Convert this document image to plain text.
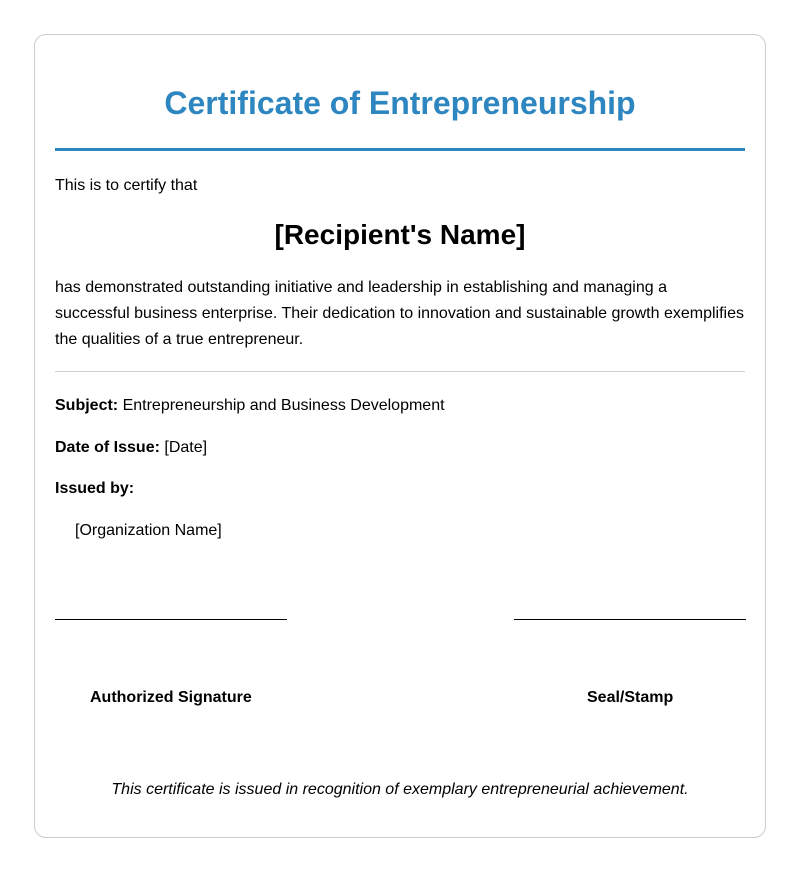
Certificate of Entrepreneurship
This is to certify that
[Recipient's Name]
has demonstrated outstanding initiative and leadership in establishing and managing a successful business enterprise. Their dedication to innovation and sustainable growth exemplifies the qualities of a true entrepreneur.
Subject: Entrepreneurship and Business Development
Date of Issue: [Date]
Issued by:
[Organization Name]
Authorized Signature	Seal/Stamp
This certificate is issued in recognition of exemplary entrepreneurial achievement.
